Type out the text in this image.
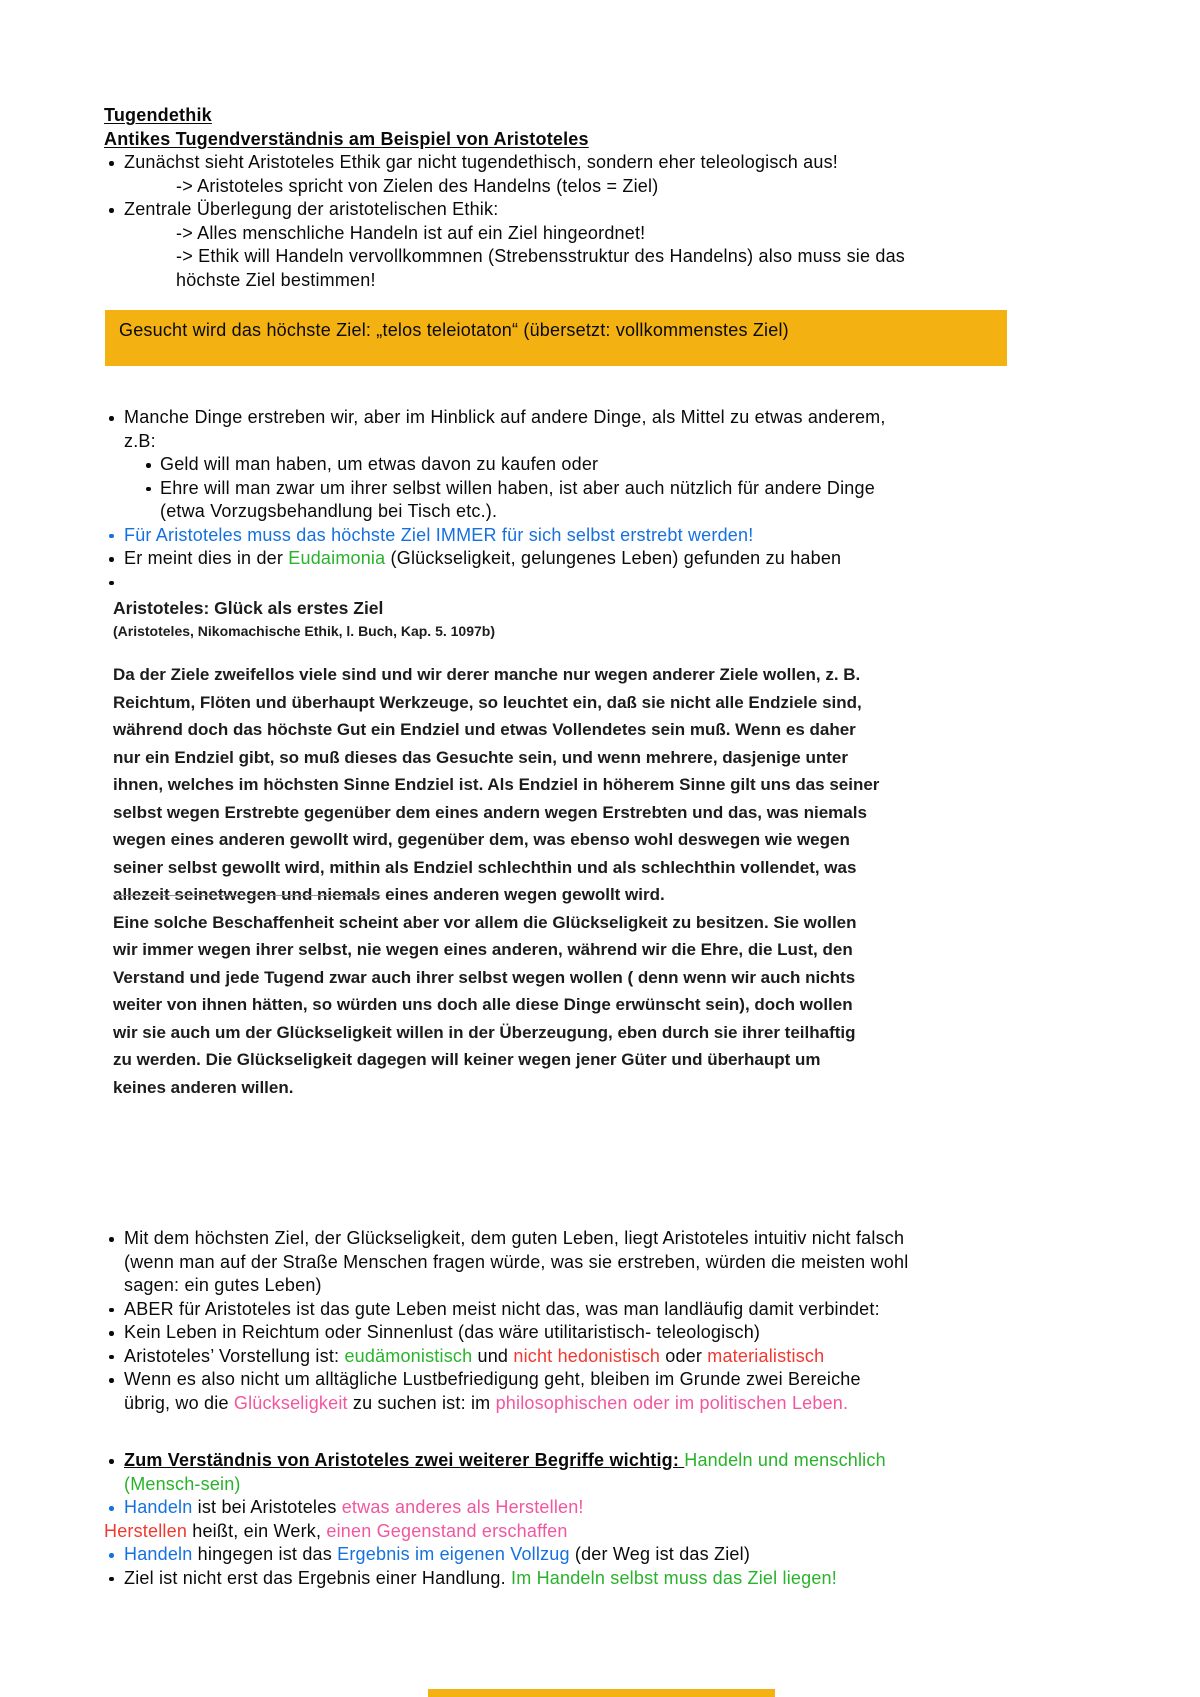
Tugendethik
Antikes Tugendverständnis am Beispiel von Aristoteles
Zunächst sieht Aristoteles Ethik gar nicht tugendethisch, sondern eher teleologisch aus!
-> Aristoteles spricht von Zielen des Handelns (telos = Ziel)
Zentrale Überlegung der aristotelischen Ethik:
-> Alles menschliche Handeln ist auf ein Ziel hingeordnet!
-> Ethik will Handeln vervollkommnen (Strebensstruktur des Handelns) also muss sie das
höchste Ziel bestimmen!
Gesucht wird das höchste Ziel: „telos teleiotaton“ (übersetzt: vollkommenstes Ziel)
Manche Dinge erstreben wir, aber im Hinblick auf andere Dinge, als Mittel zu etwas anderem,
z.B:
Geld will man haben, um etwas davon zu kaufen oder
Ehre will man zwar um ihrer selbst willen haben, ist aber auch nützlich für andere Dinge
(etwa Vorzugsbehandlung bei Tisch etc.).
Für Aristoteles muss das höchste Ziel IMMER für sich selbst erstrebt werden!
Er meint dies in der Eudaimonia (Glückseligkeit, gelungenes Leben) gefunden zu haben
Aristoteles: Glück als erstes Ziel
(Aristoteles, Nikomachische Ethik, l. Buch, Kap. 5. 1097b)
Da der Ziele zweifellos viele sind und wir derer manche nur wegen anderer Ziele wollen, z. B.
Reichtum, Flöten und überhaupt Werkzeuge, so leuchtet ein, daß sie nicht alle Endziele sind,
während doch das höchste Gut ein Endziel und etwas Vollendetes sein muß. Wenn es daher
nur ein Endziel gibt, so muß dieses das Gesuchte sein, und wenn mehrere, dasjenige unter
ihnen, welches im höchsten Sinne Endziel ist. Als Endziel in höherem Sinne gilt uns das seiner
selbst wegen Erstrebte gegenüber dem eines andern wegen Erstrebten und das, was niemals
wegen eines anderen gewollt wird, gegenüber dem, was ebenso wohl deswegen wie wegen
seiner selbst gewollt wird, mithin als Endziel schlechthin und als schlechthin vollendet, was
allezeit seinetwegen und niemals eines anderen wegen gewollt wird.
Eine solche Beschaffenheit scheint aber vor allem die Glückseligkeit zu besitzen. Sie wollen
wir immer wegen ihrer selbst, nie wegen eines anderen, während wir die Ehre, die Lust, den
Verstand und jede Tugend zwar auch ihrer selbst wegen wollen ( denn wenn wir auch nichts
weiter von ihnen hätten, so würden uns doch alle diese Dinge erwünscht sein), doch wollen
wir sie auch um der Glückseligkeit willen in der Überzeugung, eben durch sie ihrer teilhaftig
zu werden. Die Glückseligkeit dagegen will keiner wegen jener Güter und überhaupt um
keines anderen willen.
Mit dem höchsten Ziel, der Glückseligkeit, dem guten Leben, liegt Aristoteles intuitiv nicht falsch
(wenn man auf der Straße Menschen fragen würde, was sie erstreben, würden die meisten wohl
sagen: ein gutes Leben)
ABER für Aristoteles ist das gute Leben meist nicht das, was man landläufig damit verbindet:
Kein Leben in Reichtum oder Sinnenlust (das wäre utilitaristisch- teleologisch)
Aristoteles’ Vorstellung ist: eudämonistisch und nicht hedonistisch oder materialistisch
Wenn es also nicht um alltägliche Lustbefriedigung geht, bleiben im Grunde zwei Bereiche
übrig, wo die Glückseligkeit zu suchen ist: im philosophischen oder im politischen Leben.
Zum Verständnis von Aristoteles zwei weiterer Begriffe wichtig: Handeln und menschlich
(Mensch-sein)
Handeln ist bei Aristoteles etwas anderes als Herstellen!
Herstellen heißt, ein Werk, einen Gegenstand erschaffen
Handeln hingegen ist das Ergebnis im eigenen Vollzug (der Weg ist das Ziel)
Ziel ist nicht erst das Ergebnis einer Handlung. Im Handeln selbst muss das Ziel liegen!
